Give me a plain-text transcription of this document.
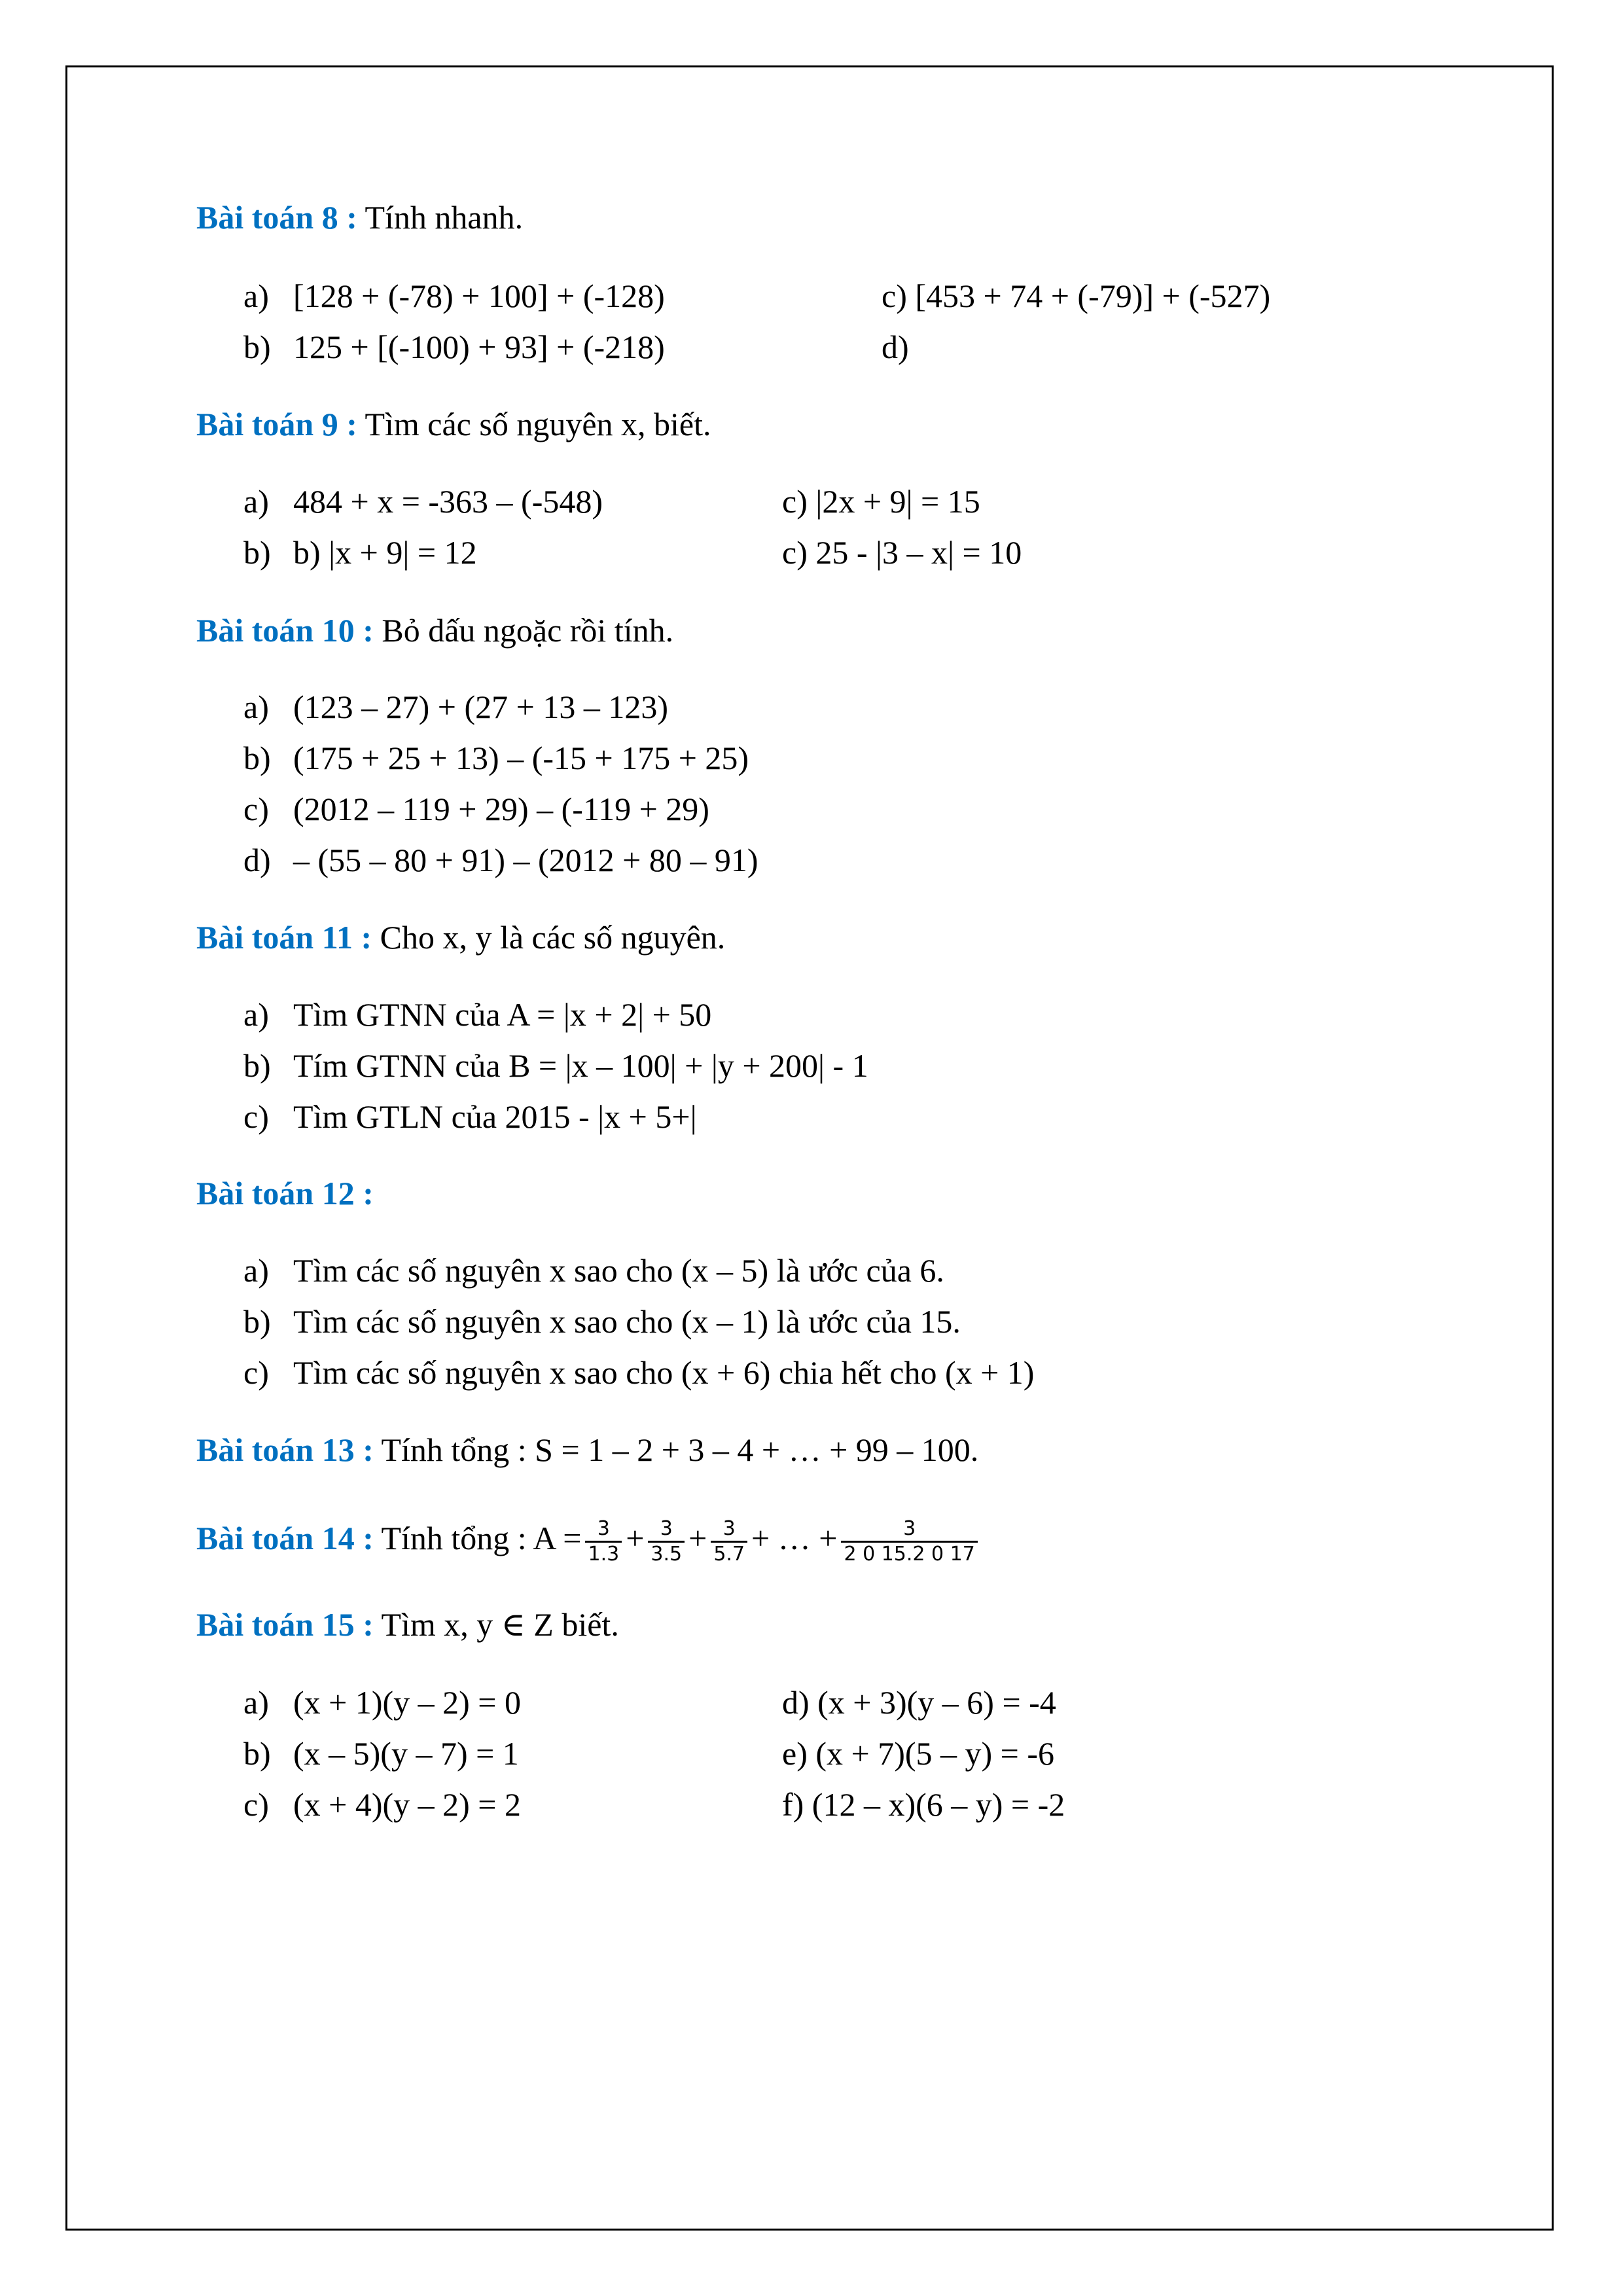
Bài toán 8 : Tính nhanh.
a) [128 + (-78) + 100] + (-128)
b) 125 + [(-100) + 93] + (-218)
c) [453 + 74 + (-79)] + (-527)
d)
Bài toán 9 : Tìm các số nguyên x, biết.
a) 484 + x = -363 – (-548)
b) b) |x + 9| = 12
c) |2x + 9| = 15
c) 25 - |3 – x| = 10
Bài toán 10 : Bỏ dấu ngoặc rồi tính.
a) (123 – 27) + (27 + 13 – 123)
b) (175 + 25 + 13) – (-15 + 175 + 25)
c) (2012 – 119 + 29) – (-119 + 29)
d) – (55 – 80 + 91) – (2012 + 80 – 91)
Bài toán 11 : Cho x, y là các số nguyên.
a) Tìm GTNN của A = |x + 2| + 50
b) Tím GTNN của B = |x – 100| + |y + 200| - 1
c) Tìm GTLN của 2015 - |x + 5+|
Bài toán 12 :
a) Tìm các số nguyên x sao cho (x – 5) là ước của 6.
b) Tìm các số nguyên x sao cho (x – 1) là ước của 15.
c) Tìm các số nguyên x sao cho (x + 6) chia hết cho (x + 1)
Bài toán 13 : Tính tổng : S = 1 – 2 + 3 – 4 + … + 99 – 100.
Bài toán 14 : Tính tổng : $A = \frac{3}{1.3} + \frac{3}{3.5} + \frac{3}{5.7}$ + … + $\frac{3}{2 0 15.2 0 17}$
Bài toán 15 : Tìm x, y ∈ Z biết.
a) (x + 1)(y – 2) = 0
b) (x – 5)(y – 7) = 1
c) (x + 4)(y – 2) = 2
d) (x + 3)(y – 6) = -4
e) (x + 7)(5 – y) = -6
f) (12 – x)(6 – y) = -2
